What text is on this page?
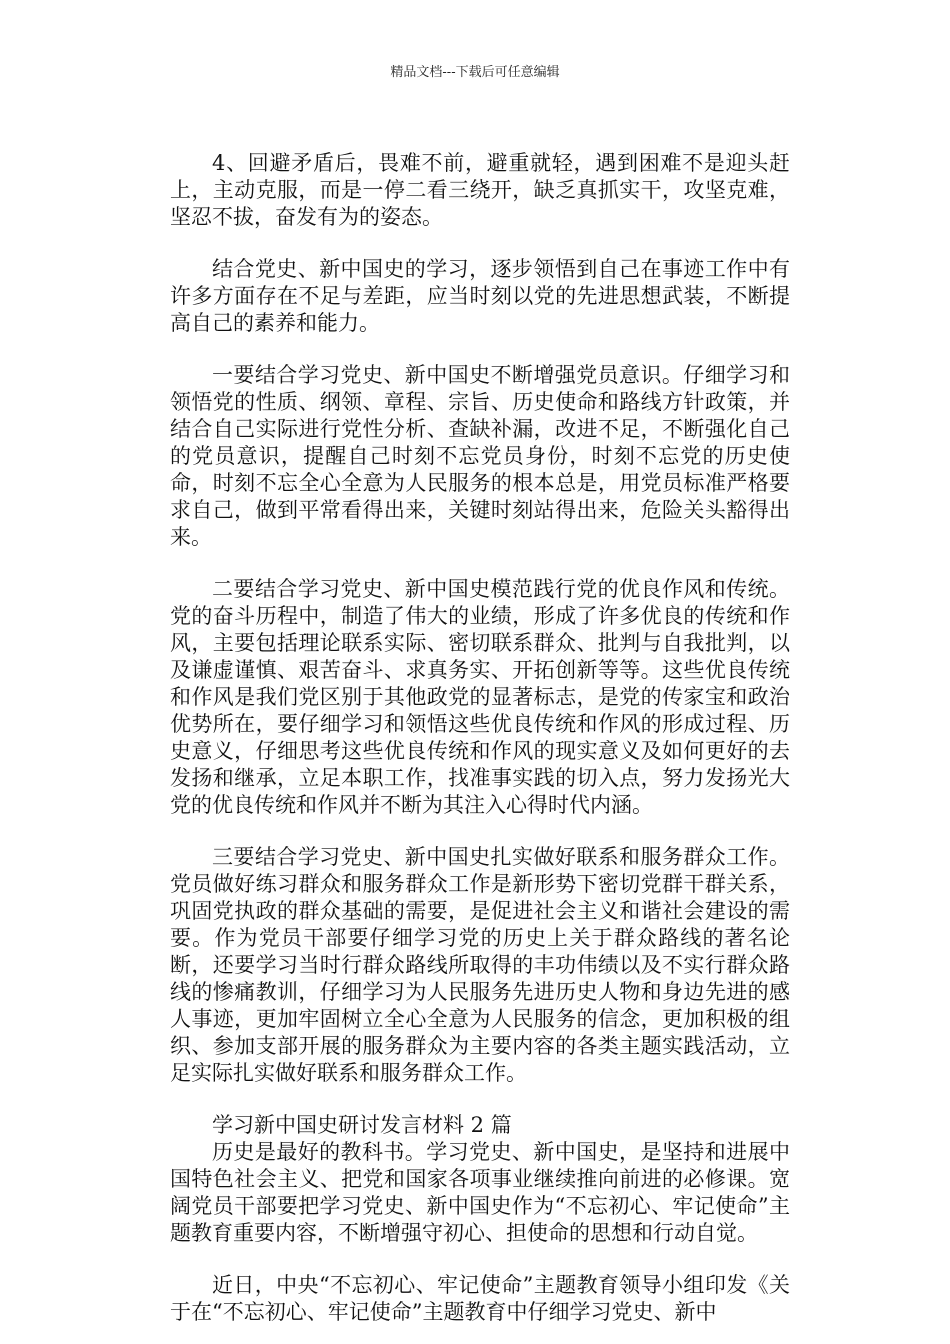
精品文档---下载后可任意编辑

4、回避矛盾后，畏难不前，避重就轻，遇到困难不是迎头赶上，主动克服，而是一停二看三绕开，缺乏真抓实干，攻坚克难，坚忍不拔，奋发有为的姿态。

结合党史、新中国史的学习，逐步领悟到自己在事迹工作中有许多方面存在不足与差距，应当时刻以党的先进思想武装，不断提高自己的素养和能力。

一要结合学习党史、新中国史不断增强党员意识。仔细学习和领悟党的性质、纲领、章程、宗旨、历史使命和路线方针政策，并结合自己实际进行党性分析、查缺补漏，改进不足，不断强化自己的党员意识，提醒自己时刻不忘党员身份，时刻不忘党的历史使命，时刻不忘全心全意为人民服务的根本总是，用党员标准严格要求自己，做到平常看得出来，关键时刻站得出来，危险关头豁得出来。

二要结合学习党史、新中国史模范践行党的优良作风和传统。党的奋斗历程中，制造了伟大的业绩，形成了许多优良的传统和作风，主要包括理论联系实际、密切联系群众、批判与自我批判，以及谦虚谨慎、艰苦奋斗、求真务实、开拓创新等等。这些优良传统和作风是我们党区别于其他政党的显著标志，是党的传家宝和政治优势所在，要仔细学习和领悟这些优良传统和作风的形成过程、历史意义，仔细思考这些优良传统和作风的现实意义及如何更好的去发扬和继承，立足本职工作，找准事实践的切入点，努力发扬光大党的优良传统和作风并不断为其注入心得时代内涵。

三要结合学习党史、新中国史扎实做好联系和服务群众工作。党员做好练习群众和服务群众工作是新形势下密切党群干群关系，巩固党执政的群众基础的需要，是促进社会主义和谐社会建设的需要。作为党员干部要仔细学习党的历史上关于群众路线的著名论断，还要学习当时行群众路线所取得的丰功伟绩以及不实行群众路线的惨痛教训，仔细学习为人民服务先进历史人物和身边先进的感人事迹，更加牢固树立全心全意为人民服务的信念，更加积极的组织、参加支部开展的服务群众为主要内容的各类主题实践活动，立足实际扎实做好联系和服务群众工作。

学习新中国史研讨发言材料 2 篇

历史是最好的教科书。学习党史、新中国史，是坚持和进展中国特色社会主义、把党和国家各项事业继续推向前进的必修课。宽阔党员干部要把学习党史、新中国史作为“不忘初心、牢记使命”主题教育重要内容，不断增强守初心、担使命的思想和行动自觉。

近日，中央“不忘初心、牢记使命”主题教育领导小组印发《关于在“不忘初心、牢记使命”主题教育中仔细学习党史、新中
